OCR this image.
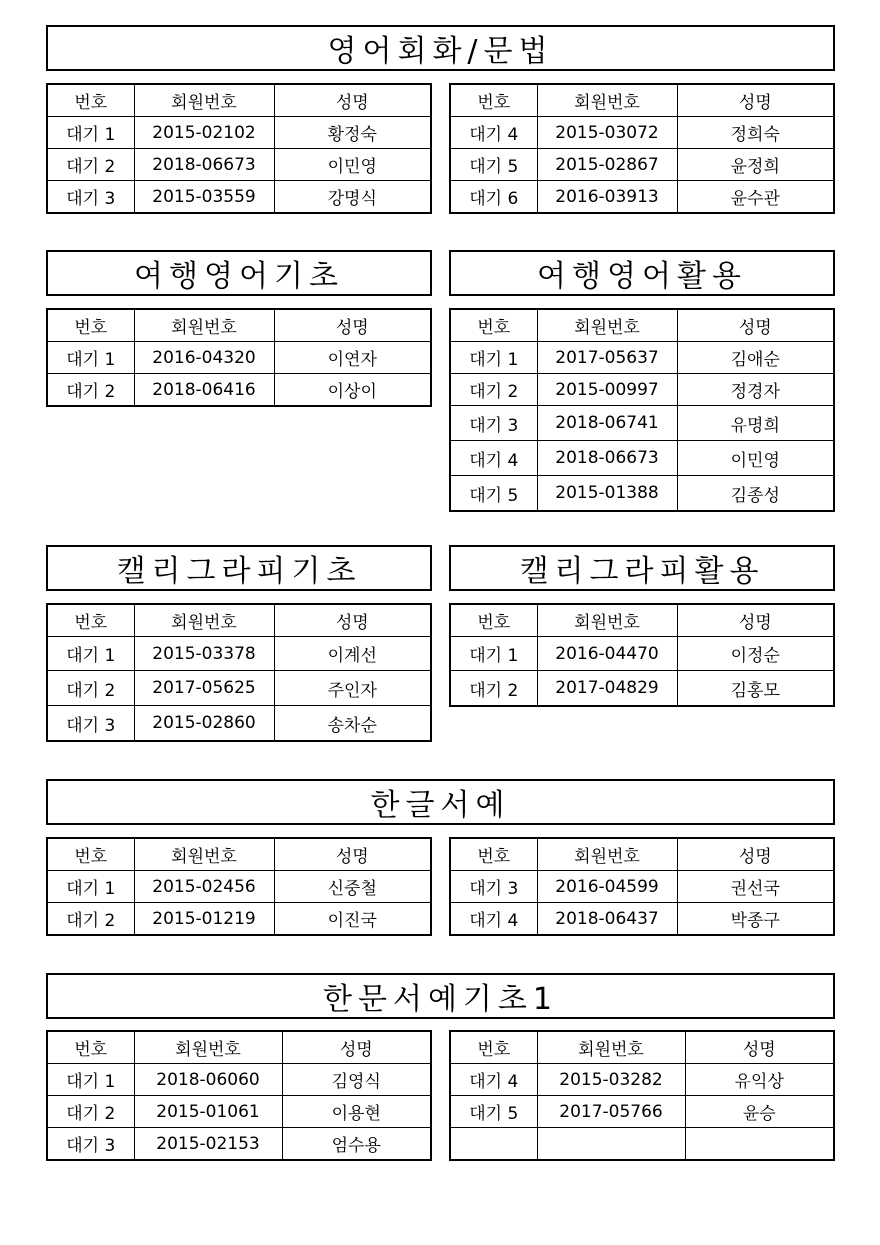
영어회화/문법
번호	회원번호	성명
대기 1	2015-02102	황정숙
대기 2	2018-06673	이민영
대기 3	2015-03559	강명식
번호	회원번호	성명
대기 4	2015-03072	정희숙
대기 5	2015-02867	윤정희
대기 6	2016-03913	윤수관
여행영어기초
번호	회원번호	성명
대기 1	2016-04320	이연자
대기 2	2018-06416	이상이
여행영어활용
번호	회원번호	성명
대기 1	2017-05637	김애순
대기 2	2015-00997	정경자
대기 3	2018-06741	유명희
대기 4	2018-06673	이민영
대기 5	2015-01388	김종성
캘리그라피기초
번호	회원번호	성명
대기 1	2015-03378	이계선
대기 2	2017-05625	주인자
대기 3	2015-02860	송차순
캘리그라피활용
번호	회원번호	성명
대기 1	2016-04470	이정순
대기 2	2017-04829	김홍모
한글서예
번호	회원번호	성명
대기 1	2015-02456	신중철
대기 2	2015-01219	이진국
번호	회원번호	성명
대기 3	2016-04599	권선국
대기 4	2018-06437	박종구
한문서예기초1
번호	회원번호	성명
대기 1	2018-06060	김영식
대기 2	2015-01061	이용현
대기 3	2015-02153	엄수용
번호	회원번호	성명
대기 4	2015-03282	유익상
대기 5	2017-05766	윤승
